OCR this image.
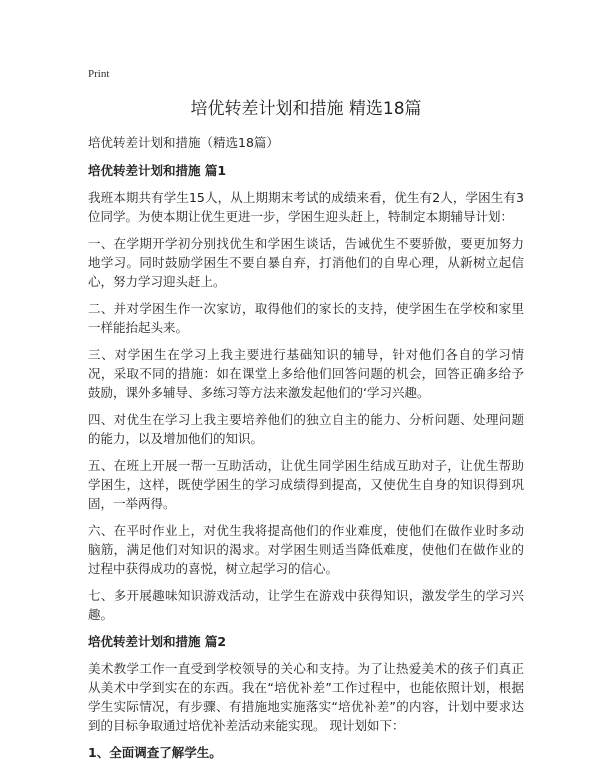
Print
培优转差计划和措施 精选18篇
培优转差计划和措施（精选18篇）
培优转差计划和措施 篇1

我班本期共有学生15人，从上期期末考试的成绩来看，优生有2人，学困生有3位同学。为使本期让优生更进一步，学困生迎头赶上，特制定本期辅导计划：

一、在学期开学初分别找优生和学困生谈话，告诫优生不要骄傲，要更加努力地学习。同时鼓励学困生不要自暴自弃，打消他们的自卑心理，从新树立起信心，努力学习迎头赶上。

二、并对学困生作一次家访，取得他们的家长的支持，使学困生在学校和家里一样能抬起头来。

三、对学困生在学习上我主要进行基础知识的辅导，针对他们各自的学习情况，采取不同的措施：如在课堂上多给他们回答问题的机会，回答正确多给予鼓励，课外多辅导、多练习等方法来激发起他们的‘学习兴趣。

四、对优生在学习上我主要培养他们的独立自主的能力、分析问题、处理问题的能力，以及增加他们的知识。

五、在班上开展一帮一互助活动，让优生同学困生结成互助对子，让优生帮助学困生，这样，既使学困生的学习成绩得到提高，又使优生自身的知识得到巩固，一举两得。

六、在平时作业上，对优生我将提高他们的作业难度，使他们在做作业时多动脑筋，满足他们对知识的渴求。对学困生则适当降低难度，使他们在做作业的过程中获得成功的喜悦，树立起学习的信心。

七、多开展趣味知识游戏活动，让学生在游戏中获得知识，激发学生的学习兴趣。

培优转差计划和措施 篇2

美术教学工作一直受到学校领导的关心和支持。为了让热爱美术的孩子们真正从美术中学到实在的东西。我在“培优补差”工作过程中，也能依照计划，根据学生实际情况，有步骤、有措施地实施落实“培优补差”的内容，计划中要求达到的目标争取通过培优补差活动来能实现。 现计划如下：

1、全面调查了解学生。
